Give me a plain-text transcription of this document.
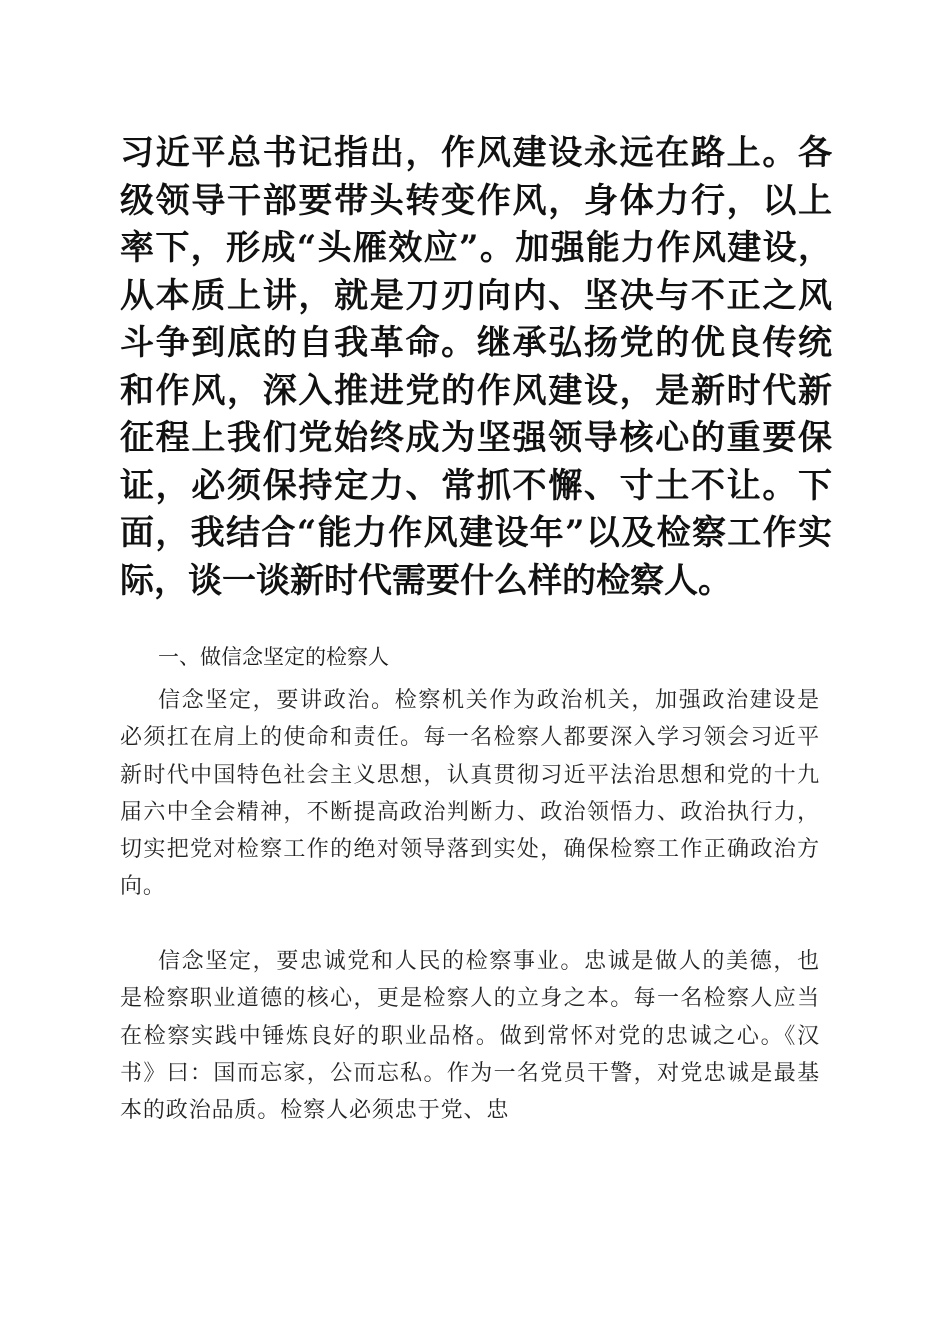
习近平总书记指出，作风建设永远在路上。各级领导干部要带头转变作风，身体力行，以上率下，形成“头雁效应”。加强能力作风建设，从本质上讲，就是刀刃向内、坚决与不正之风斗争到底的自我革命。继承弘扬党的优良传统和作风，深入推进党的作风建设，是新时代新征程上我们党始终成为坚强领导核心的重要保证，必须保持定力、常抓不懈、寸土不让。下面，我结合“能力作风建设年”以及检察工作实际，谈一谈新时代需要什么样的检察人。

一、做信念坚定的检察人

信念坚定，要讲政治。检察机关作为政治机关，加强政治建设是必须扛在肩上的使命和责任。每一名检察人都要深入学习领会习近平新时代中国特色社会主义思想，认真贯彻习近平法治思想和党的十九届六中全会精神，不断提高政治判断力、政治领悟力、政治执行力，切实把党对检察工作的绝对领导落到实处，确保检察工作正确政治方向。

信念坚定，要忠诚党和人民的检察事业。忠诚是做人的美德，也是检察职业道德的核心，更是检察人的立身之本。每一名检察人应当在检察实践中锤炼良好的职业品格。做到常怀对党的忠诚之心。《汉书》曰：国而忘家，公而忘私。作为一名党员干警，对党忠诚是最基本的政治品质。检察人必须忠于党、忠
